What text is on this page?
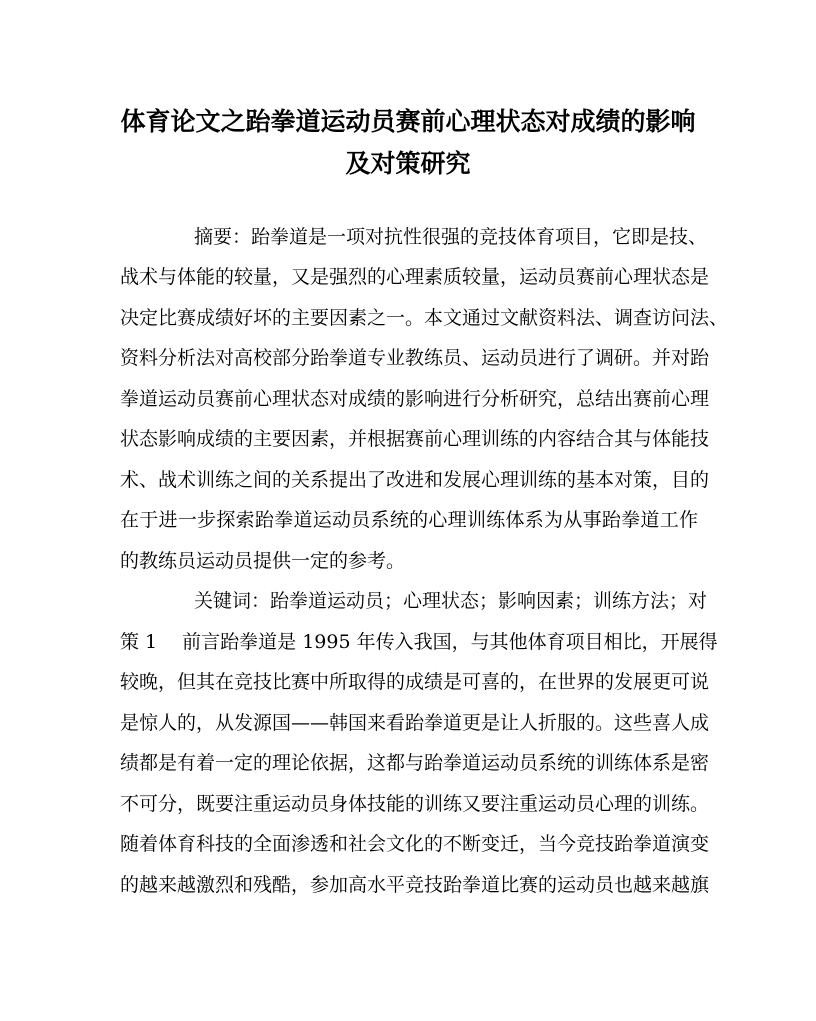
体育论文之跆拳道运动员赛前心理状态对成绩的影响
及对策研究
摘要：跆拳道是一项对抗性很强的竞技体育项目，它即是技、
战术与体能的较量，又是强烈的心理素质较量，运动员赛前心理状态是
决定比赛成绩好坏的主要因素之一。本文通过文献资料法、调查访问法、
资料分析法对高校部分跆拳道专业教练员、运动员进行了调研。并对跆
拳道运动员赛前心理状态对成绩的影响进行分析研究，总结出赛前心理
状态影响成绩的主要因素，并根据赛前心理训练的内容结合其与体能技
术、战术训练之间的关系提出了改进和发展心理训练的基本对策，目的
在于进一步探索跆拳道运动员系统的心理训练体系为从事跆拳道工作
的教练员运动员提供一定的参考。
关键词：跆拳道运动员；心理状态；影响因素；训练方法；对
策 1　 前言跆拳道是 1995 年传入我国，与其他体育项目相比，开展得
较晚，但其在竞技比赛中所取得的成绩是可喜的，在世界的发展更可说
是惊人的，从发源国——韩国来看跆拳道更是让人折服的。这些喜人成
绩都是有着一定的理论依据，这都与跆拳道运动员系统的训练体系是密
不可分，既要注重运动员身体技能的训练又要注重运动员心理的训练。
随着体育科技的全面渗透和社会文化的不断变迁，当今竞技跆拳道演变
的越来越激烈和残酷，参加高水平竞技跆拳道比赛的运动员也越来越旗
